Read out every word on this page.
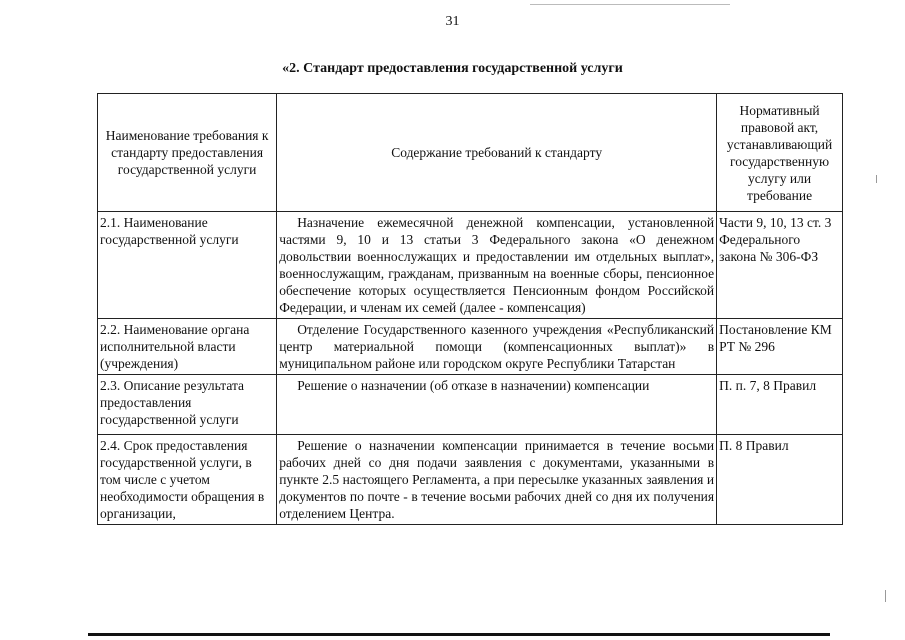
31
«2. Стандарт предоставления государственной услуги
Наименование требования к стандарту предоставления государственной услуги	Содержание требований к стандарту	Нормативный правовой акт, устанавливающий государственную услугу или требование
2.1. Наименование государственной услуги	Назначение ежемесячной денежной компенсации, установленной частями 9, 10 и 13 статьи 3 Федерального закона «О денежном довольствии военнослужащих и предоставлении им отдельных выплат», военнослужащим, гражданам, призванным на военные сборы, пенсионное обеспечение которых осуществляется Пенсионным фондом Российской Федерации, и членам их семей (далее - компенсация)	Части 9, 10, 13 ст. 3 Федерального закона № 306-ФЗ
2.2. Наименование органа исполнительной власти (учреждения)	Отделение Государственного казенного учреждения «Республиканский центр материальной помощи (компенсационных выплат)» в муниципальном районе или городском округе Республики Татарстан	Постановление КМ РТ № 296
2.3. Описание результата предоставления государственной услуги	Решение о назначении (об отказе в назначении) компенсации	П. п. 7, 8 Правил
2.4. Срок предоставления государственной услуги, в том числе с учетом необходимости обращения в организации,	Решение о назначении компенсации принимается в течение восьми рабочих дней со дня подачи заявления с документами, указанными в пункте 2.5 настоящего Регламента, а при пересылке указанных заявления и документов по почте - в течение восьми рабочих дней со дня их получения отделением Центра.	П. 8 Правил
